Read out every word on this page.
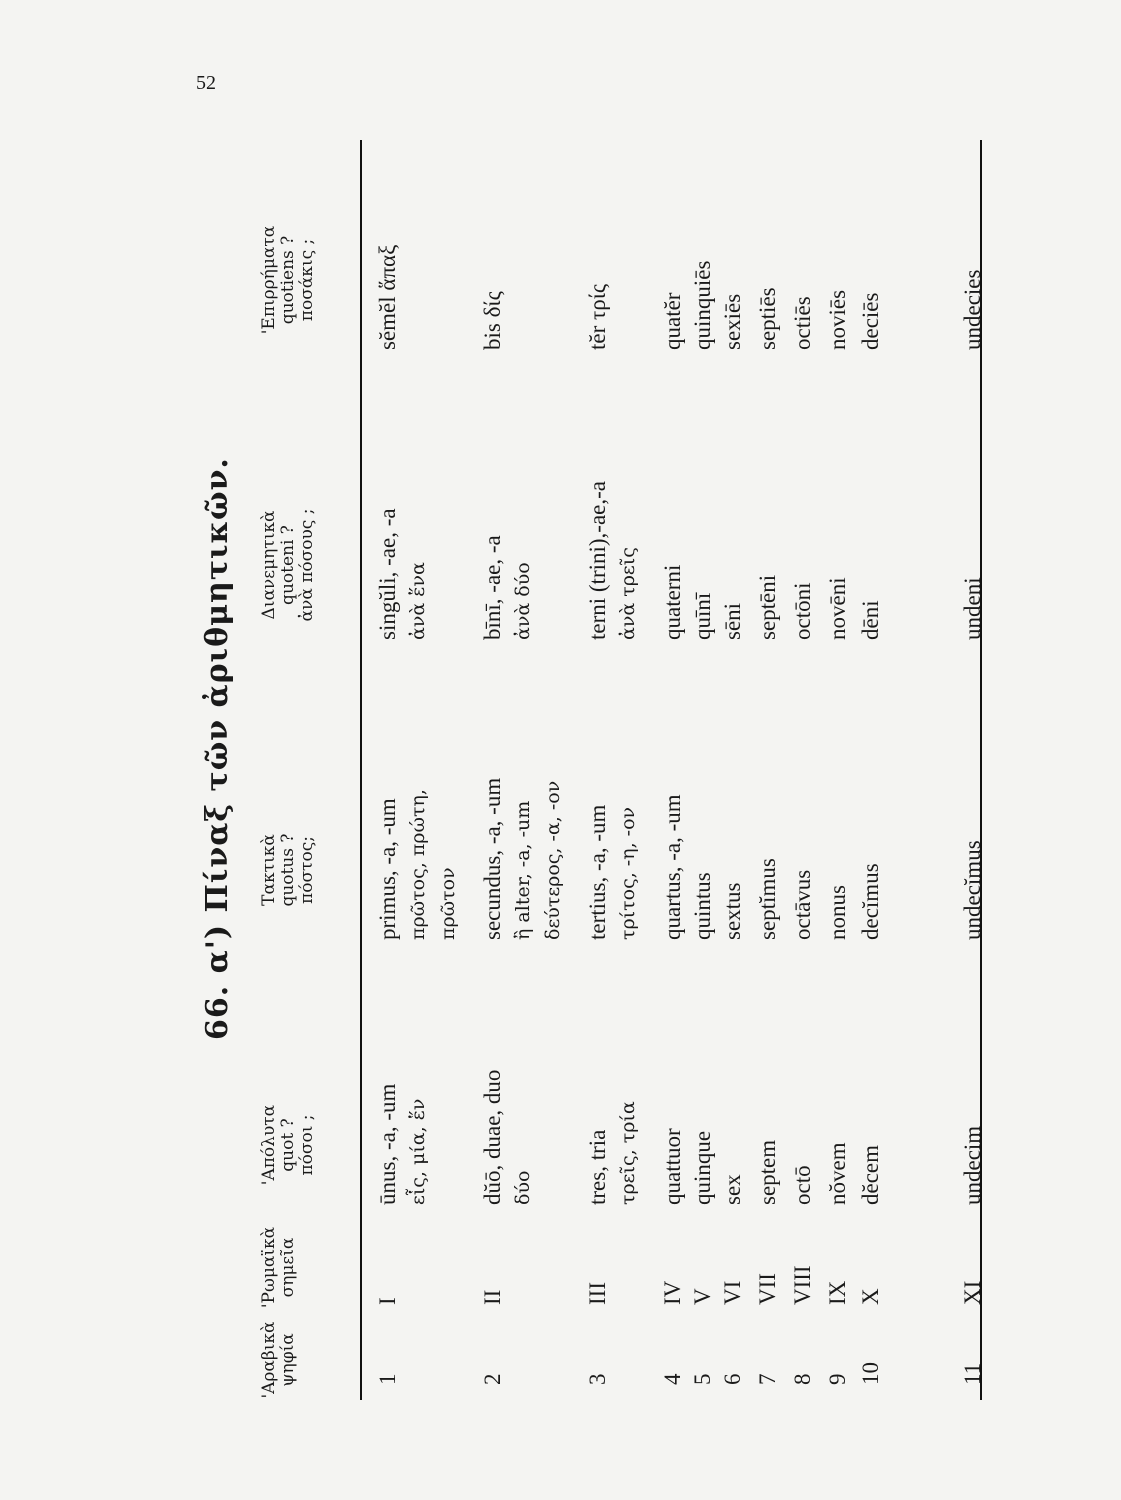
52
66. α') Πίναξ τῶν ἀριθμητικῶν.
'Αραβικὰ ψηφία
'Ρωμαϊκὰ σημεῖα
'Απόλυτα quot ? πόσοι ;
Τακτικὰ quotus ? πόστος;
Διανεμητικὰ quoteni ? ἀνὰ πόσους ;
'Επιρρήματα quotiens ? ποσάκις ;
1
I
ūnus, -a, -um
primus, -a, -um
singŭli, -ae, -a
sĕmĕl ἅπαξ
εἷς, μία, ἕν
πρῶτος, πρώτη, πρῶτον
ἀνὰ ἕνα
2
II
dŭō, duae, duo
secundus, -a, -um
bīnī, -ae, -a
bis δίς
δύο
ἢ alter, -a, -um δεύτερος, -α, -ον
ἀνὰ δύο
3
III
tres, tria
tertius, -a, -um
terni (trini),-ae,-a
tĕr τρίς
τρεῖς, τρία
τρίτος, -η, -ον
ἀνὰ τρεῖς
4
IV
quattuor
quartus, -a, -um
quaterni
quatĕr
5
V
quinque
quintus
quīnī
quinquiēs
6
VI
sex
sextus
sēni
sexiēs
7
VII
septem
septĭmus
septēni
septiēs
8
VIII
octō
octāvus
octōni
octiēs
9
IX
nŏvem
nonus
novēni
noviēs
10
X
dĕcem
decĭmus
dēni
deciēs
11
XI
undecim
undecĭmus
undeni
undecies
